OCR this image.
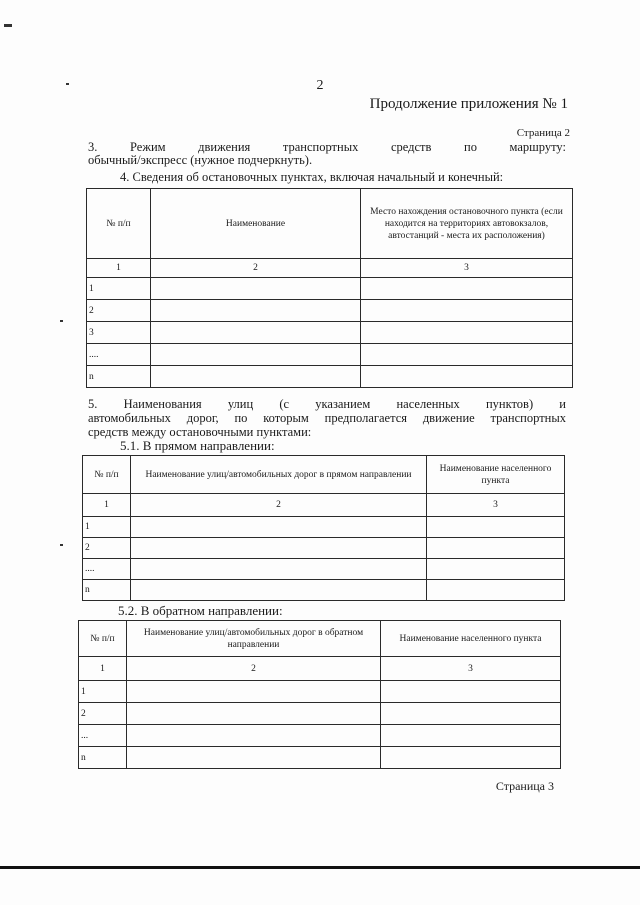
2
Продолжение приложения № 1
Страница 2
3. Режим движения транспортных средств по маршруту:
обычный/экспресс (нужное подчеркнуть).
4. Сведения об остановочных пунктах, включая начальный и конечный:
№ п/п	Наименование	Место нахождения остановочного пункта (если находится на территориях автовокзалов, автостанций - места их расположения)
1	2	3
1		
2		
3		
....		
n		
5. Наименования улиц (с указанием населенных пунктов) и
автомобильных дорог, по которым предполагается движение транспортных
средств между остановочными пунктами:
5.1. В прямом направлении:
№ п/п	Наименование улиц/автомобильных дорог в прямом направлении	Наименование населенного пункта
1	2	3
1		
2		
....		
n		
5.2. В обратном направлении:
№ п/п	Наименование улиц/автомобильных дорог в обратном направлении	Наименование населенного пункта
1	2	3
1		
2		
...		
n		
Страница 3
